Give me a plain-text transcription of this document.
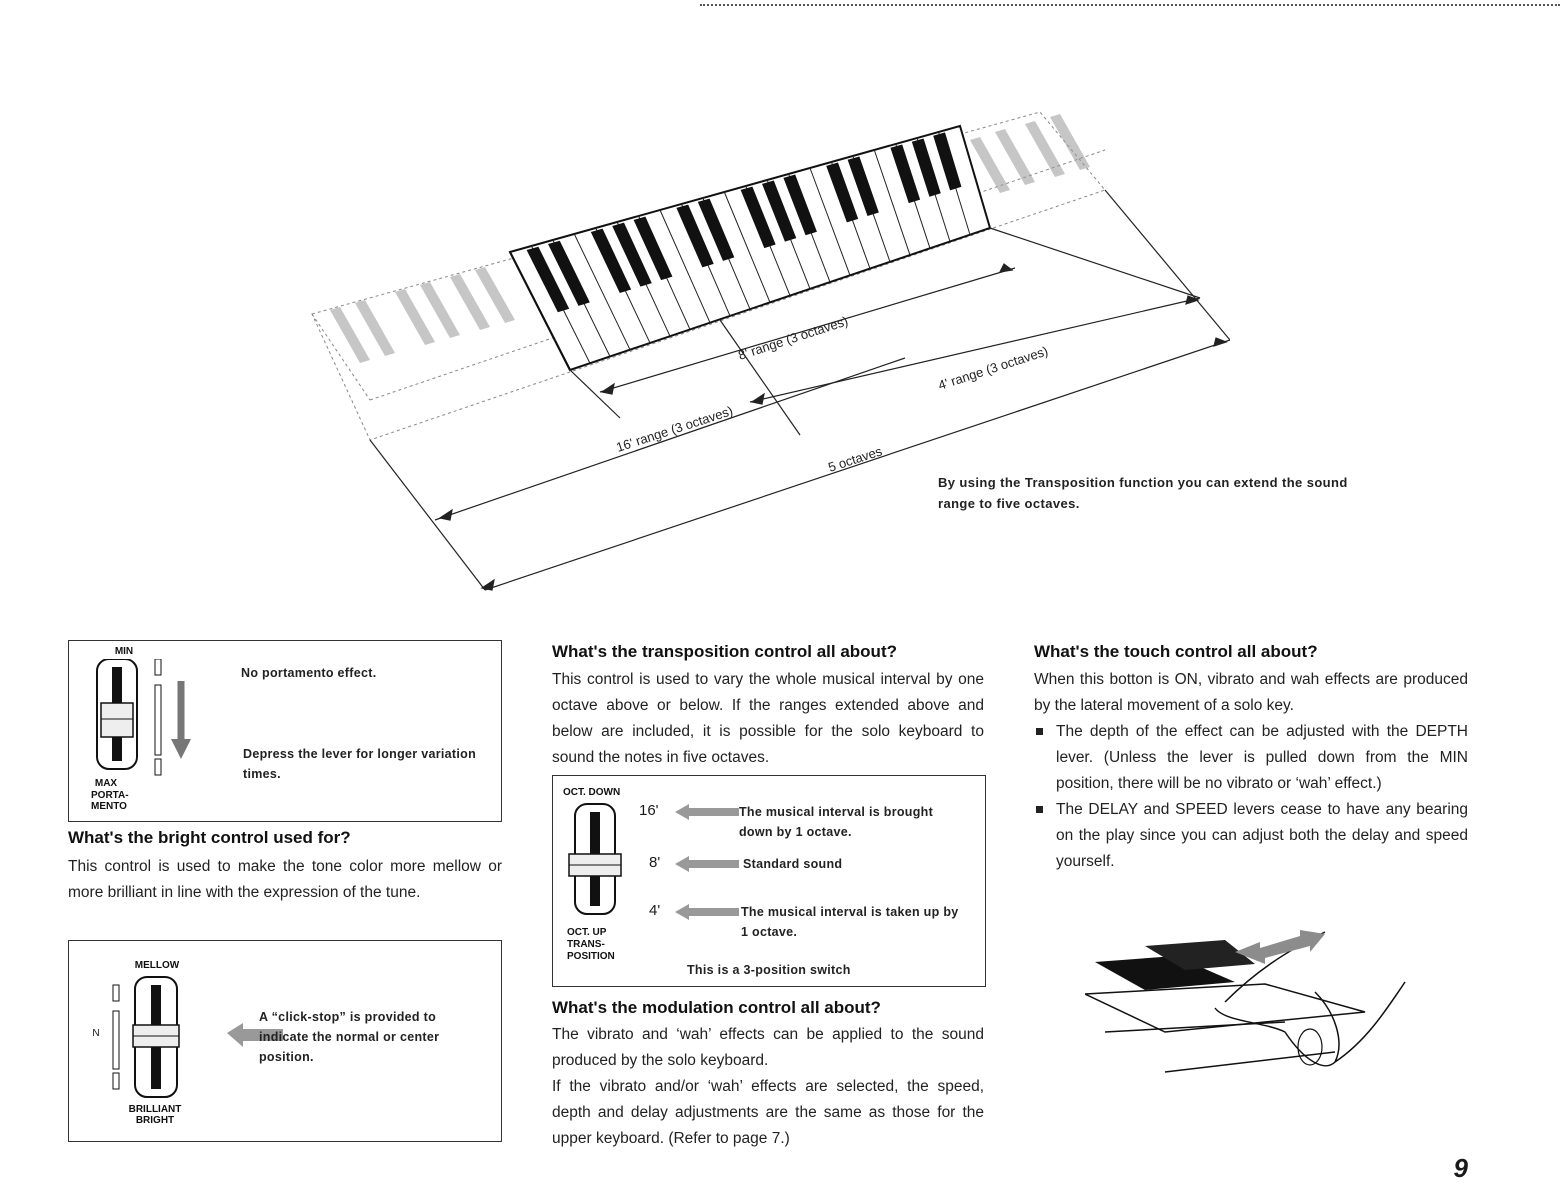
16' range (3 octaves)
8' range (3 octaves)
4' range (3 octaves)
5 octaves
By using the Transposition function you can extend the sound range to five octaves.
MIN
MAX
PORTA-
MENTO
No portamento effect.
Depress the lever for longer variation times.
What's the bright control used for?

This control is used to make the tone color more mellow or more brilliant in line with the expression of the tune.

MELLOW
N
BRILLIANT
BRIGHT
A “click-stop” is provided to indicate the normal or center position.
What's the transposition control all about?

This control is used to vary the whole musical interval by one octave above or below. If the ranges extended above and below are included, it is possible for the solo keyboard to sound the notes in five octaves.

OCT. DOWN
OCT. UP
TRANS-
POSITION
16'	The musical interval is brought down by 1 octave.
8'	Standard sound
4'	The musical interval is taken up by 1 octave.
This is a 3-position switch
What's the modulation control all about?

The vibrato and ‘wah’ effects can be applied to the sound produced by the solo keyboard.

If the vibrato and/or ‘wah’ effects are selected, the speed, depth and delay adjustments are the same as those for the upper keyboard. (Refer to page 7.)

What's the touch control all about?

When this botton is ON, vibrato and wah effects are produced by the lateral movement of a solo key.

The depth of the effect can be adjusted with the DEPTH lever. (Unless the lever is pulled down from the MIN position, there will be no vibrato or ‘wah’ effect.)
The DELAY and SPEED levers cease to have any bearing on the play since you can adjust both the delay and speed yourself.
9
